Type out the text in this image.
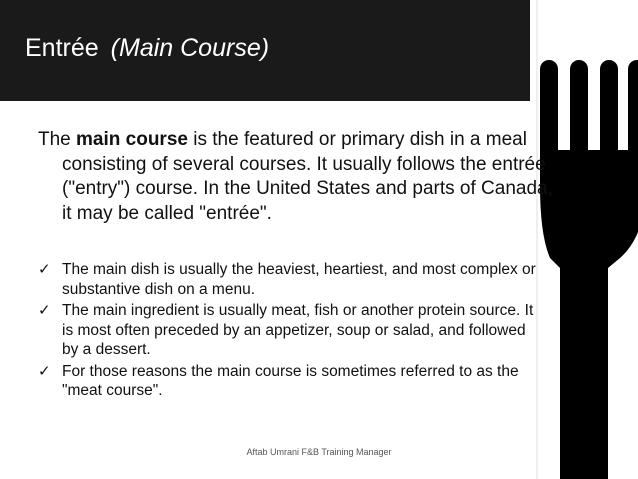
Entrée (Main Course)
The main course is the featured or primary dish in a meal consisting of several courses. It usually follows the entrée ("entry") course. In the United States and parts of Canada, it may be called "entrée".
✓ The main dish is usually the heaviest, heartiest, and most complex or substantive dish on a menu.
✓ The main ingredient is usually meat, fish or another protein source. It is most often preceded by an appetizer, soup or salad, and followed by a dessert.
✓ For those reasons the main course is sometimes referred to as the "meat course".
Aftab Umrani F&B Training Manager
